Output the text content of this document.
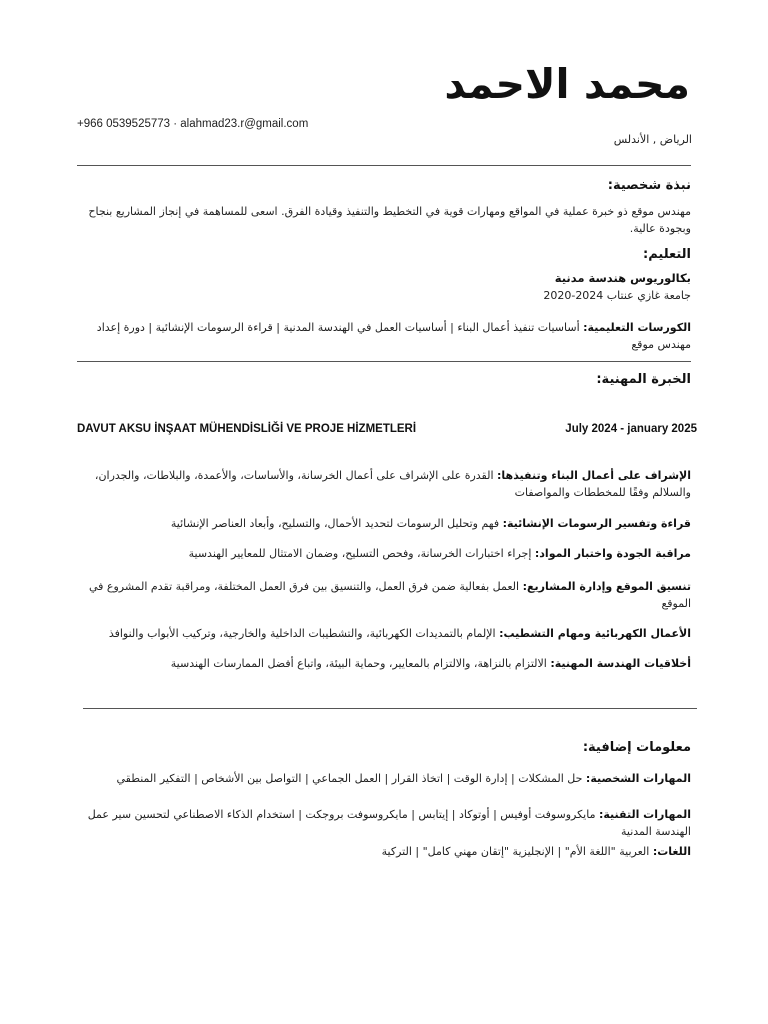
محمد الاحمد
+966 0539525773 · alahmad23.r@gmail.com
الرياض , الأندلس
نبذة شخصية:
مهندس موقع ذو خبرة عملية في المواقع ومهارات قوية في التخطيط والتنفيذ وقيادة الفرق. اسعى للمساهمة في إنجاز المشاريع بنجاح وبجودة عالية.
التعليم:
بكالوريوس هندسة مدنية
جامعة غازي عنتاب 2024-2020
الكورسات التعليمية: أساسيات تنفيذ أعمال البناء | أساسيات العمل في الهندسة المدنية | قراءة الرسومات الإنشائية | دورة إعداد مهندس موقع
الخبرة المهنية:
DAVUT AKSU İNŞAAT MÜHENDİSLİĞİ VE PROJE HİZMETLERİ	July 2024 - january 2025
الإشراف على أعمال البناء وتنفيذها: القدرة على الإشراف على أعمال الخرسانة، والأساسات، والأعمدة، والبلاطات، والجدران، والسلالم وفقًا للمخططات والمواصفات
قراءة وتفسير الرسومات الإنشائية: فهم وتحليل الرسومات لتحديد الأحمال، والتسليح، وأبعاد العناصر الإنشائية
مراقبة الجودة واختبار المواد: إجراء اختبارات الخرسانة، وفحص التسليح، وضمان الامتثال للمعايير الهندسية
تنسيق الموقع وإدارة المشاريع: العمل بفعالية ضمن فرق العمل، والتنسيق بين فرق العمل المختلفة، ومراقبة تقدم المشروع في الموقع
الأعمال الكهربائية ومهام التشطيب: الإلمام بالتمديدات الكهربائية، والتشطيبات الداخلية والخارجية، وتركيب الأبواب والنوافذ
أخلاقيات الهندسة المهنية: الالتزام بالنزاهة، والالتزام بالمعايير، وحماية البيئة، واتباع أفضل الممارسات الهندسية
معلومات إضافية:
المهارات الشخصية: حل المشكلات | إدارة الوقت | اتخاذ القرار | العمل الجماعي | التواصل بين الأشخاص | التفكير المنطقي
المهارات التقنية: مايكروسوفت أوفيس | أوتوكاد | إيتابس | مايكروسوفت بروجكت | استخدام الذكاء الاصطناعي لتحسين سير عمل الهندسة المدنية
اللغات: العربية "اللغة الأم" | الإنجليزية "إتقان مهني كامل" | التركية
